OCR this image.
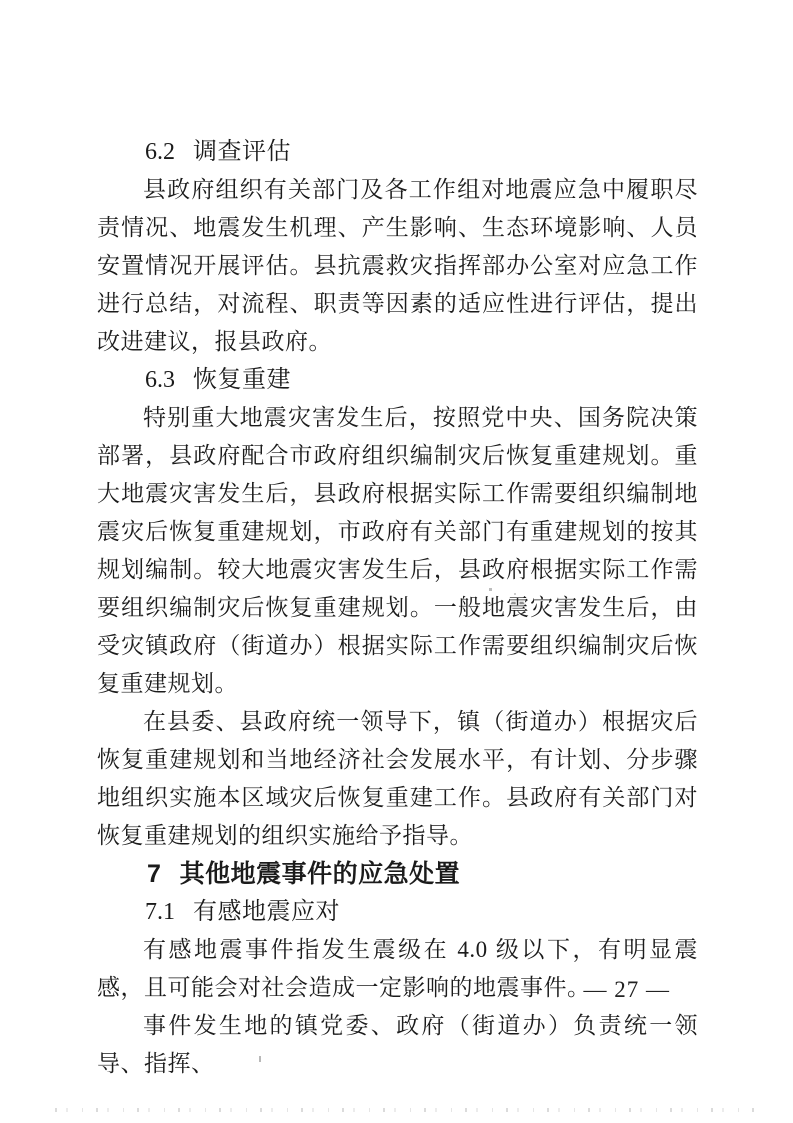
6.2 调查评估

县政府组织有关部门及各工作组对地震应急中履职尽责情况、地震发生机理、产生影响、生态环境影响、人员安置情况开展评估。县抗震救灾指挥部办公室对应急工作进行总结，对流程、职责等因素的适应性进行评估，提出改进建议，报县政府。

6.3 恢复重建

特别重大地震灾害发生后，按照党中央、国务院决策部署，县政府配合市政府组织编制灾后恢复重建规划。重大地震灾害发生后，县政府根据实际工作需要组织编制地震灾后恢复重建规划，市政府有关部门有重建规划的按其规划编制。较大地震灾害发生后，县政府根据实际工作需要组织编制灾后恢复重建规划。一般地震灾害发生后，由受灾镇政府（街道办）根据实际工作需要组织编制灾后恢复重建规划。

在县委、县政府统一领导下，镇（街道办）根据灾后恢复重建规划和当地经济社会发展水平，有计划、分步骤地组织实施本区域灾后恢复重建工作。县政府有关部门对恢复重建规划的组织实施给予指导。

7 其他地震事件的应急处置
7.1 有感地震应对

有感地震事件指发生震级在 4.0 级以下，有明显震感，且可能会对社会造成一定影响的地震事件。

事件发生地的镇党委、政府（街道办）负责统一领导、指挥、

— 27 —
